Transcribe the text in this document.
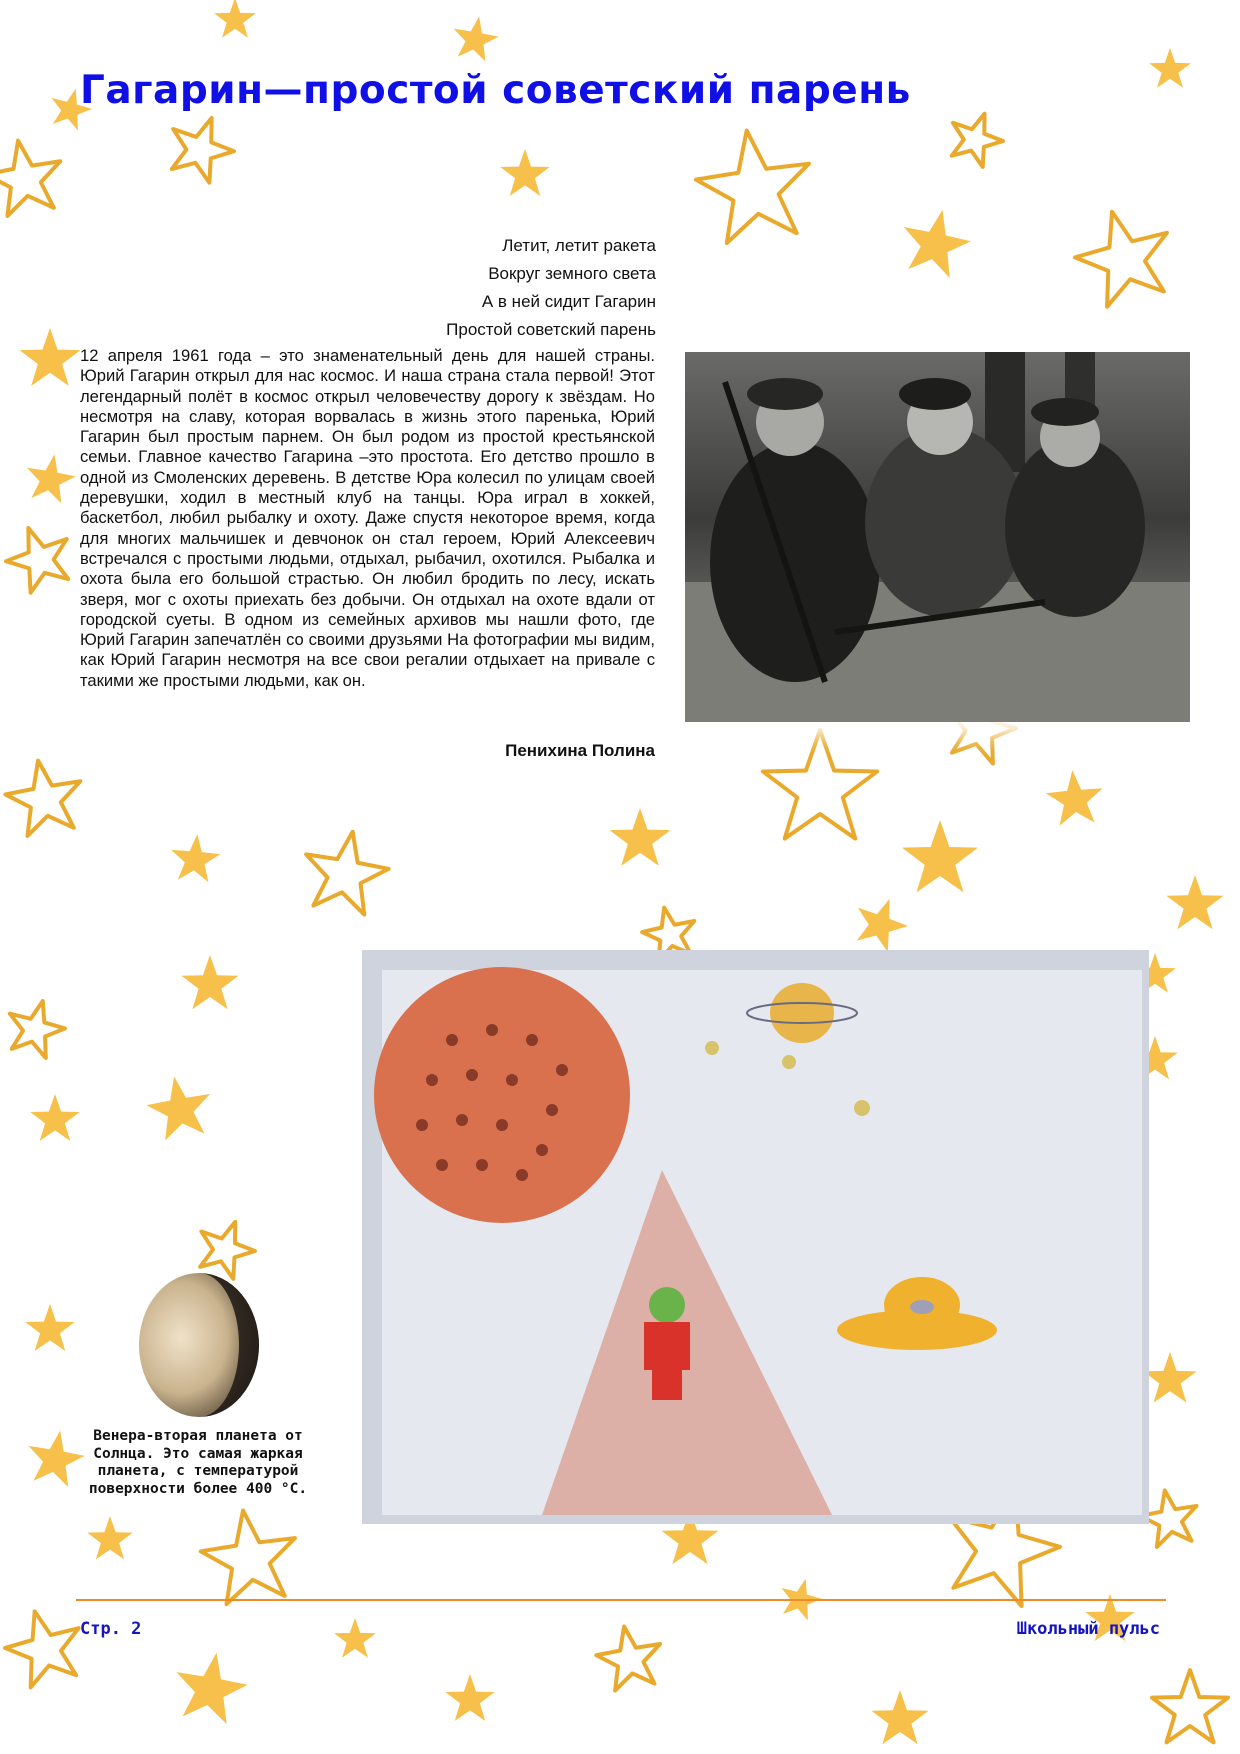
Гагарин—простой советский парень
Летит, летит ракета
Вокруг земного света
А в ней сидит Гагарин
Простой советский парень

12 апреля 1961 года – это знаменательный день для нашей страны. Юрий Гагарин открыл для нас космос. И наша страна стала первой! Этот легендарный полёт в космос открыл человечеству дорогу к звёздам. Но несмотря на славу, которая ворвалась в жизнь этого паренька, Юрий Гагарин был простым парнем. Он был родом из простой крестьянской семьи. Главное качество Гагарина –это простота. Его детство прошло в одной из Смоленских деревень. В детстве Юра колесил по улицам своей деревушки, ходил в местный клуб на танцы. Юра играл в хоккей, баскетбол, любил рыбалку и охоту. Даже спустя некоторое время, когда для многих мальчишек и девчонок он стал героем, Юрий Алексеевич встречался с простыми людьми, отдыхал, рыбачил, охотился. Рыбалка и охота была его большой страстью. Он любил бродить по лесу, искать зверя, мог с охоты приехать без добычи. Он отдыхал на охоте вдали от городской суеты. В одном из семейных архивов мы нашли фото, где Юрий Гагарин запечатлён со своими друзьями На фотографии мы видим, как Юрий Гагарин несмотря на все свои регалии отдыхает на привале с такими же простыми людьми, как он.

Пенихина Полина
Венера-вторая планета от Солнца. Это самая жаркая планета, с температурой поверхности более 400 °C.
Стр. 2	Школьный пульс
